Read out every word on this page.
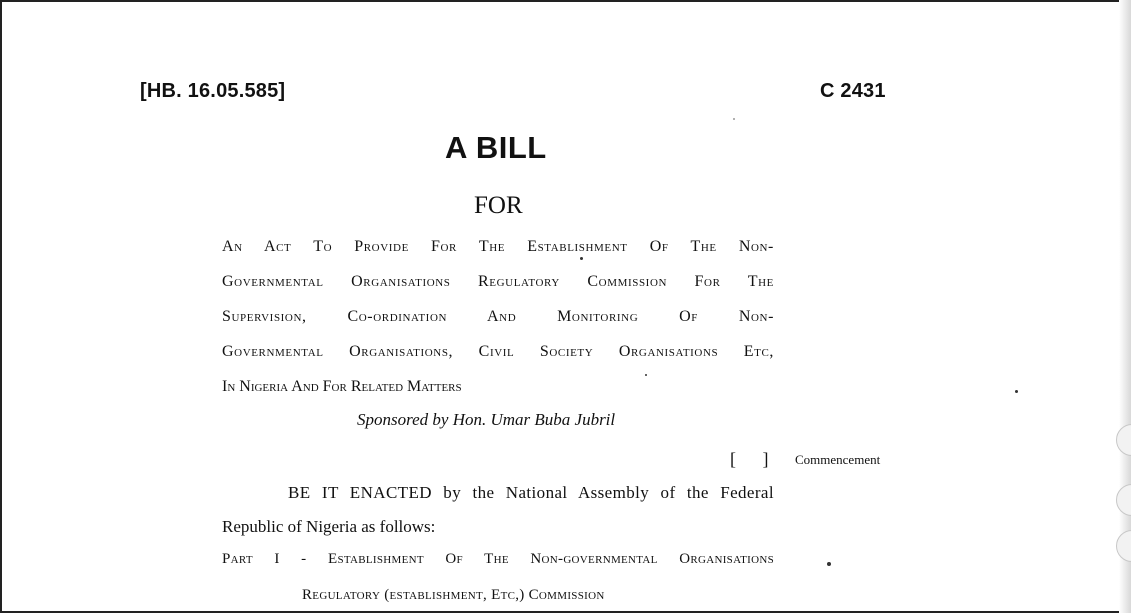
[HB. 16.05.585]	C 2431
A BILL
FOR
An Act To Provide For The Establishment Of The Non-
Governmental Organisations Regulatory Commission For The
Supervision, Co-ordination And Monitoring Of Non-
Governmental Organisations, Civil Society Organisations Etc,
In Nigeria And For Related Matters
Sponsored by Hon. Umar Buba Jubril
[ ] Commencement
BE IT ENACTED by the National Assembly of the Federal
Republic of Nigeria as follows:
Part I - Establishment Of The Non-governmental Organisations
Regulatory (establishment, Etc,) Commission
